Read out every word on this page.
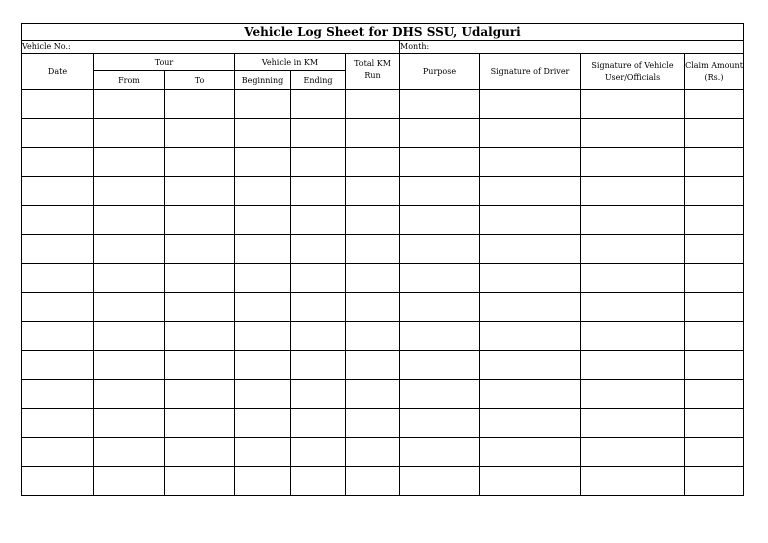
Vehicle Log Sheet for DHS SSU, Udalguri									
Vehicle No.:						Month:			
Date	Tour		Vehicle in KM		Total KM Run	Purpose	Signature of Driver	Signature of Vehicle User/Officials	Claim Amount (Rs.)
	From	To	Beginning	Ending					
